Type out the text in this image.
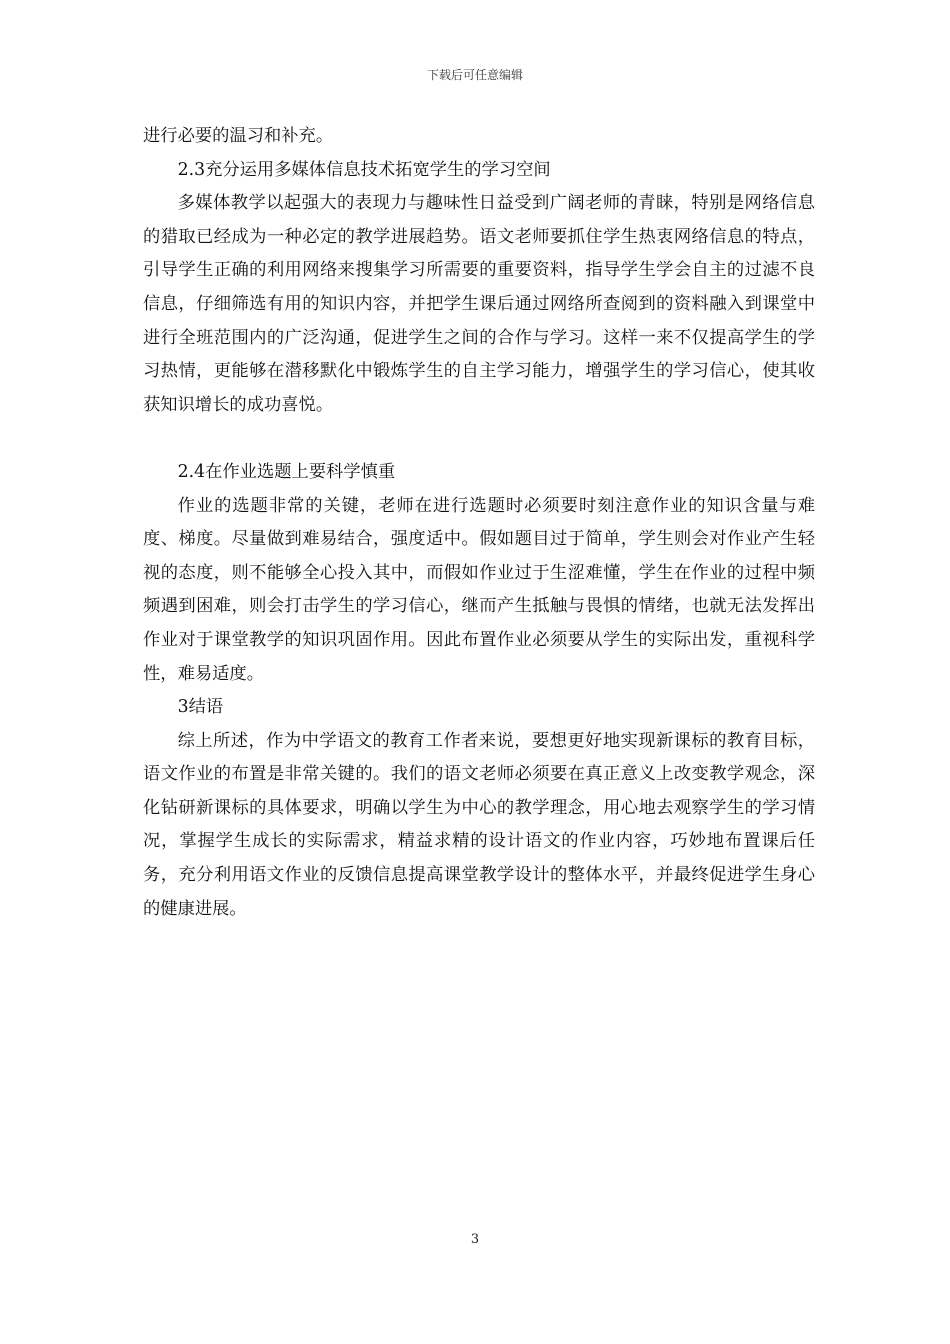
下载后可任意编辑

进行必要的温习和补充。

2.3充分运用多媒体信息技术拓宽学生的学习空间

多媒体教学以起强大的表现力与趣味性日益受到广阔老师的青睐，特别是网络信息的猎取已经成为一种必定的教学进展趋势。语文老师要抓住学生热衷网络信息的特点，引导学生正确的利用网络来搜集学习所需要的重要资料，指导学生学会自主的过滤不良信息，仔细筛选有用的知识内容，并把学生课后通过网络所查阅到的资料融入到课堂中进行全班范围内的广泛沟通，促进学生之间的合作与学习。这样一来不仅提高学生的学习热情，更能够在潜移默化中锻炼学生的自主学习能力，增强学生的学习信心，使其收获知识增长的成功喜悦。

2.4在作业选题上要科学慎重

作业的选题非常的关键，老师在进行选题时必须要时刻注意作业的知识含量与难度、梯度。尽量做到难易结合，强度适中。假如题目过于简单，学生则会对作业产生轻视的态度，则不能够全心投入其中，而假如作业过于生涩难懂，学生在作业的过程中频频遇到困难，则会打击学生的学习信心，继而产生抵触与畏惧的情绪，也就无法发挥出作业对于课堂教学的知识巩固作用。因此布置作业必须要从学生的实际出发，重视科学性，难易适度。

3结语

综上所述，作为中学语文的教育工作者来说，要想更好地实现新课标的教育目标，语文作业的布置是非常关键的。我们的语文老师必须要在真正意义上改变教学观念，深化钻研新课标的具体要求，明确以学生为中心的教学理念，用心地去观察学生的学习情况，掌握学生成长的实际需求，精益求精的设计语文的作业内容，巧妙地布置课后任务，充分利用语文作业的反馈信息提高课堂教学设计的整体水平，并最终促进学生身心的健康进展。

3
